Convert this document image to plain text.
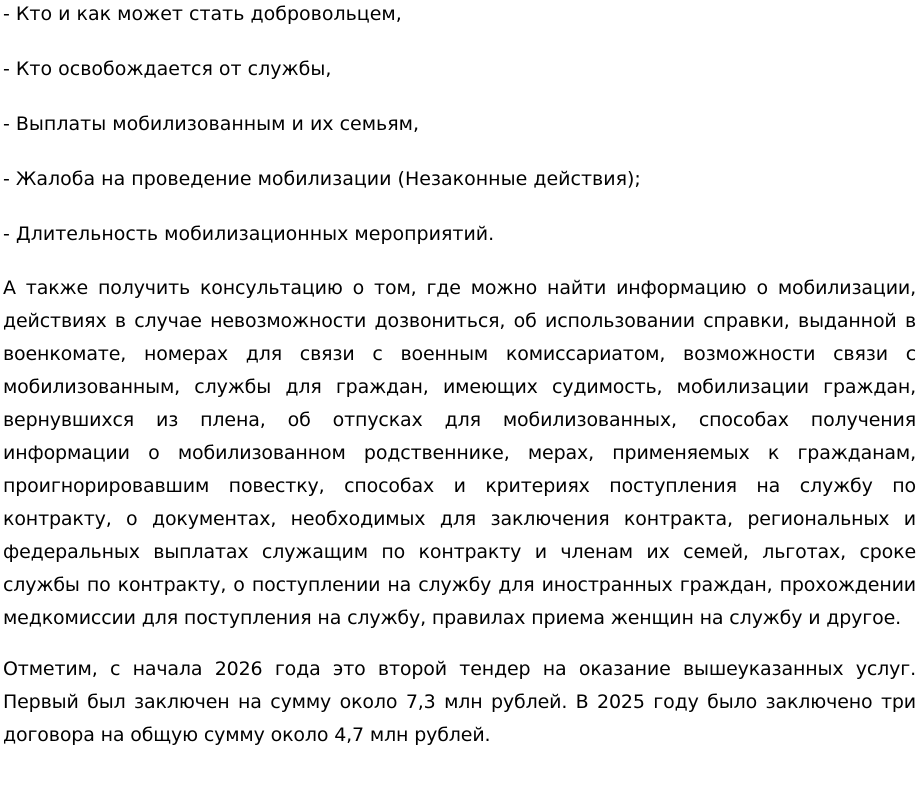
- Кто и как может стать добровольцем,
- Кто освобождается от службы,
- Выплаты мобилизованным и их семьям,
- Жалоба на проведение мобилизации (Незаконные действия);
- Длительность мобилизационных мероприятий.

А также получить консультацию о том, где можно найти информацию о мобилизации, действиях в случае невозможности дозвониться, об использовании справки, выданной в военкомате, номерах для связи с военным комиссариатом, возможности связи с мобилизованным, службы для граждан, имеющих судимость, мобилизации граждан, вернувшихся из плена, об отпусках для мобилизованных, способах получения информации о мобилизованном родственнике, мерах, применяемых к гражданам, проигнорировавшим повестку, способах и критериях поступления на службу по контракту, о документах, необходимых для заключения контракта, региональных и федеральных выплатах служащим по контракту и членам их семей, льготах, сроке службы по контракту, о поступлении на службу для иностранных граждан, прохождении медкомиссии для поступления на службу, правилах приема женщин на службу и другое.

Отметим, с начала 2026 года это второй тендер на оказание вышеуказанных услуг. Первый был заключен на сумму около 7,3 млн рублей. В 2025 году было заключено три договора на общую сумму около 4,7 млн рублей.
